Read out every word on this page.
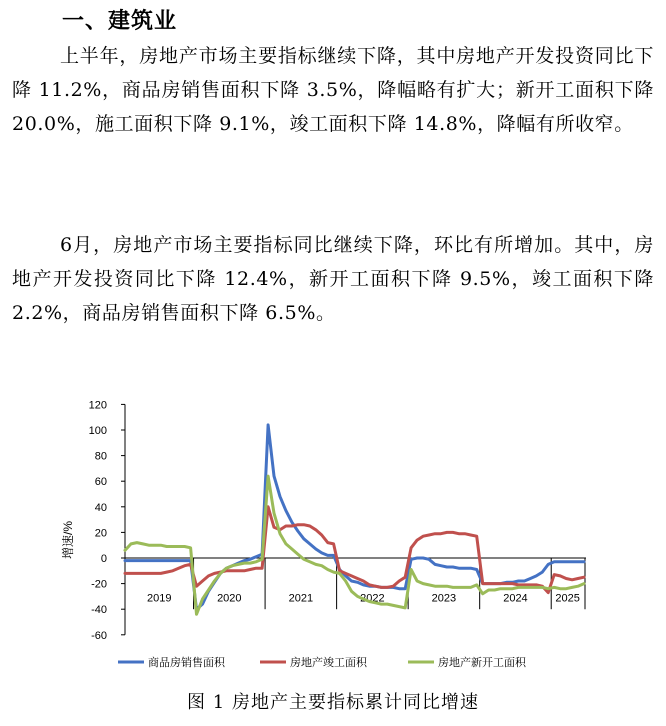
一、建筑业
上半年，房地产市场主要指标继续下降，其中房地产开发投资同比下降 11.2%，商品房销售面积下降 3.5%，降幅略有扩大；新开工面积下降 20.0%，施工面积下降 9.1%，竣工面积下降 14.8%，降幅有所收窄。
6月，房地产市场主要指标同比继续下降，环比有所增加。其中，房地产开发投资同比下降 12.4%，新开工面积下降 9.5%，竣工面积下降 2.2%，商品房销售面积下降 6.5%。
120
100
80
60
40
20
0
-20
-40
-60
2019	2020	2021	2022	2023	2024	2025
增速/%
商品房销售面积	房地产竣工面积	房地产新开工面积
图 1 房地产主要指标累计同比增速
